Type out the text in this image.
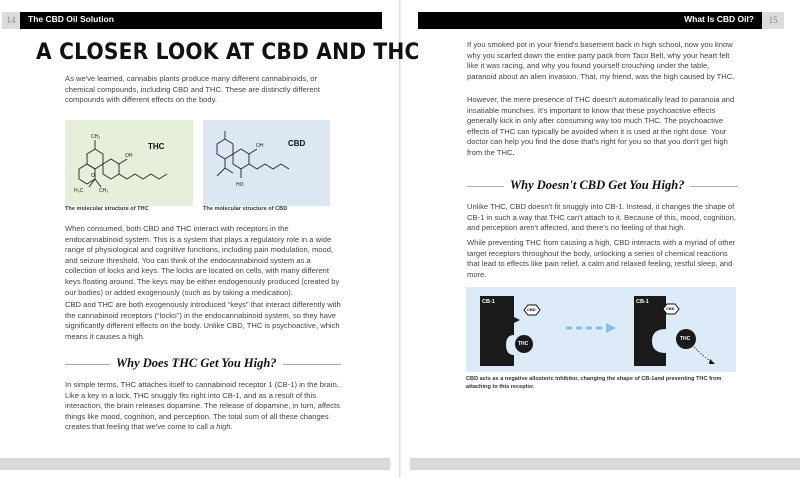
14	The CBD Oil Solution	What Is CBD Oil?	15
A CLOSER LOOK AT CBD AND THC

As we've learned, cannabis plants produce many different cannabinoids, or chemical compounds, including CBD and THC. These are distinctly different compounds with different effects on the body.

CH₃
OH
H₃C	CH₃
O
THC
The molecular structure of THC
OH
HO
CBD
The molecular structure of CBD

When consumed, both CBD and THC interact with receptors in the endocannabinoid system. This is a system that plays a regulatory role in a wide range of physiological and cognitive functions, including pain modulation, mood, and seizure threshold. You can think of the endocannabinoid system as a collection of locks and keys. The locks are located on cells, with many different keys floating around. The keys may be either endogenously produced (created by our bodies) or added exogenously (such as by taking a medication).

CBD and THC are both exogenously introduced “keys” that interact differently with the cannabinoid receptors (“locks”) in the endocannabinoid system, so they have significantly different effects on the body. Unlike CBD, THC is psychoactive, which means it causes a high.

Why Does THC Get You High?

In simple terms, THC attaches itself to cannabinoid receptor 1 (CB-1) in the brain. Like a key in a lock, THC snuggly fits right into CB-1, and as a result of this interaction, the brain releases dopamine. The release of dopamine, in turn, affects things like mood, cognition, and perception. The total sum of all these changes creates that feeling that we've come to call a high.

If you smoked pot in your friend's basement back in high school, now you know why you scarfed down the entire party pack from Taco Bell, why your heart felt like it was racing, and why you found yourself crouching under the table, paranoid about an alien invasion. That, my friend, was the high caused by THC.

However, the mere presence of THC doesn't automatically lead to paranoia and insatiable munchies. It's important to know that these psychoactive effects generally kick in only after consuming way too much THC. The psychoactive effects of THC can typically be avoided when it is used at the right dose. Your doctor can help you find the dose that's right for you so that you don't get high from the THC.

Why Doesn't CBD Get You High?

Unlike THC, CBD doesn't fit snuggly into CB-1. Instead, it changes the shape of CB-1 in such a way that THC can't attach to it. Because of this, mood, cognition, and perception aren't affected, and there's no feeling of that high.

While preventing THC from causing a high, CBD interacts with a myriad of other target receptors throughout the body, unlocking a series of chemical reactions that lead to effects like pain relief, a calm and relaxed feeling, restful sleep, and more.

CB-1
CBD
THC
CB-1
CBD
THC
CBD acts as a negative allosteric inhibitor, changing the shape of CB-1and preventing THC from attaching to this receptor.
